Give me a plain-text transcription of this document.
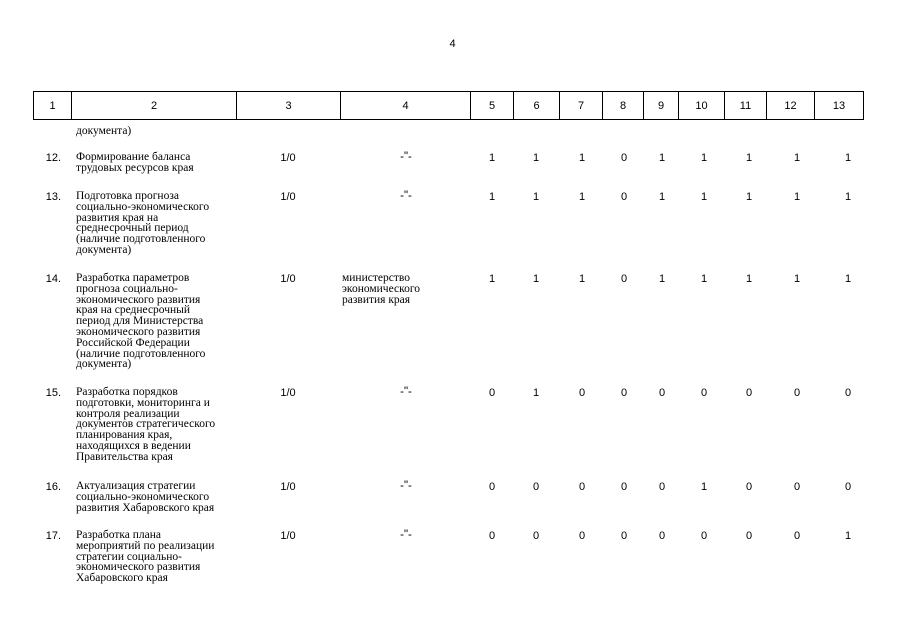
4
1	2	3	4	5	6	7	8	9	10	11	12	13
документа)
12. Формирование баланса
трудовых ресурсов края
1/0	-"-	1	1	1	0	1	1	1	1	1
13. Подготовка прогноза
социально-экономического
развития края на
среднесрочный период
(наличие подготовленного
документа)
1/0	-"-	1	1	1	0	1	1	1	1	1
14. Разработка параметров
прогноза социально-
экономического развития
края на среднесрочный
период для Министерства
экономического развития
Российской Федерации
(наличие подготовленного
документа)
1/0	министерство
экономического
развития края
1	1	1	0	1	1	1	1	1
15. Разработка порядков
подготовки, мониторинга и
контроля реализации
документов стратегического
планирования края,
находящихся в ведении
Правительства края
1/0	-"-	0	1	0	0	0	0	0	0	0
16. Актуализация стратегии
социально-экономического
развития Хабаровского края
1/0	-"-	0	0	0	0	0	1	0	0	0
17. Разработка плана
мероприятий по реализации
стратегии социально-
экономического развития
Хабаровского края
1/0	-"-	0	0	0	0	0	0	0	0	1
